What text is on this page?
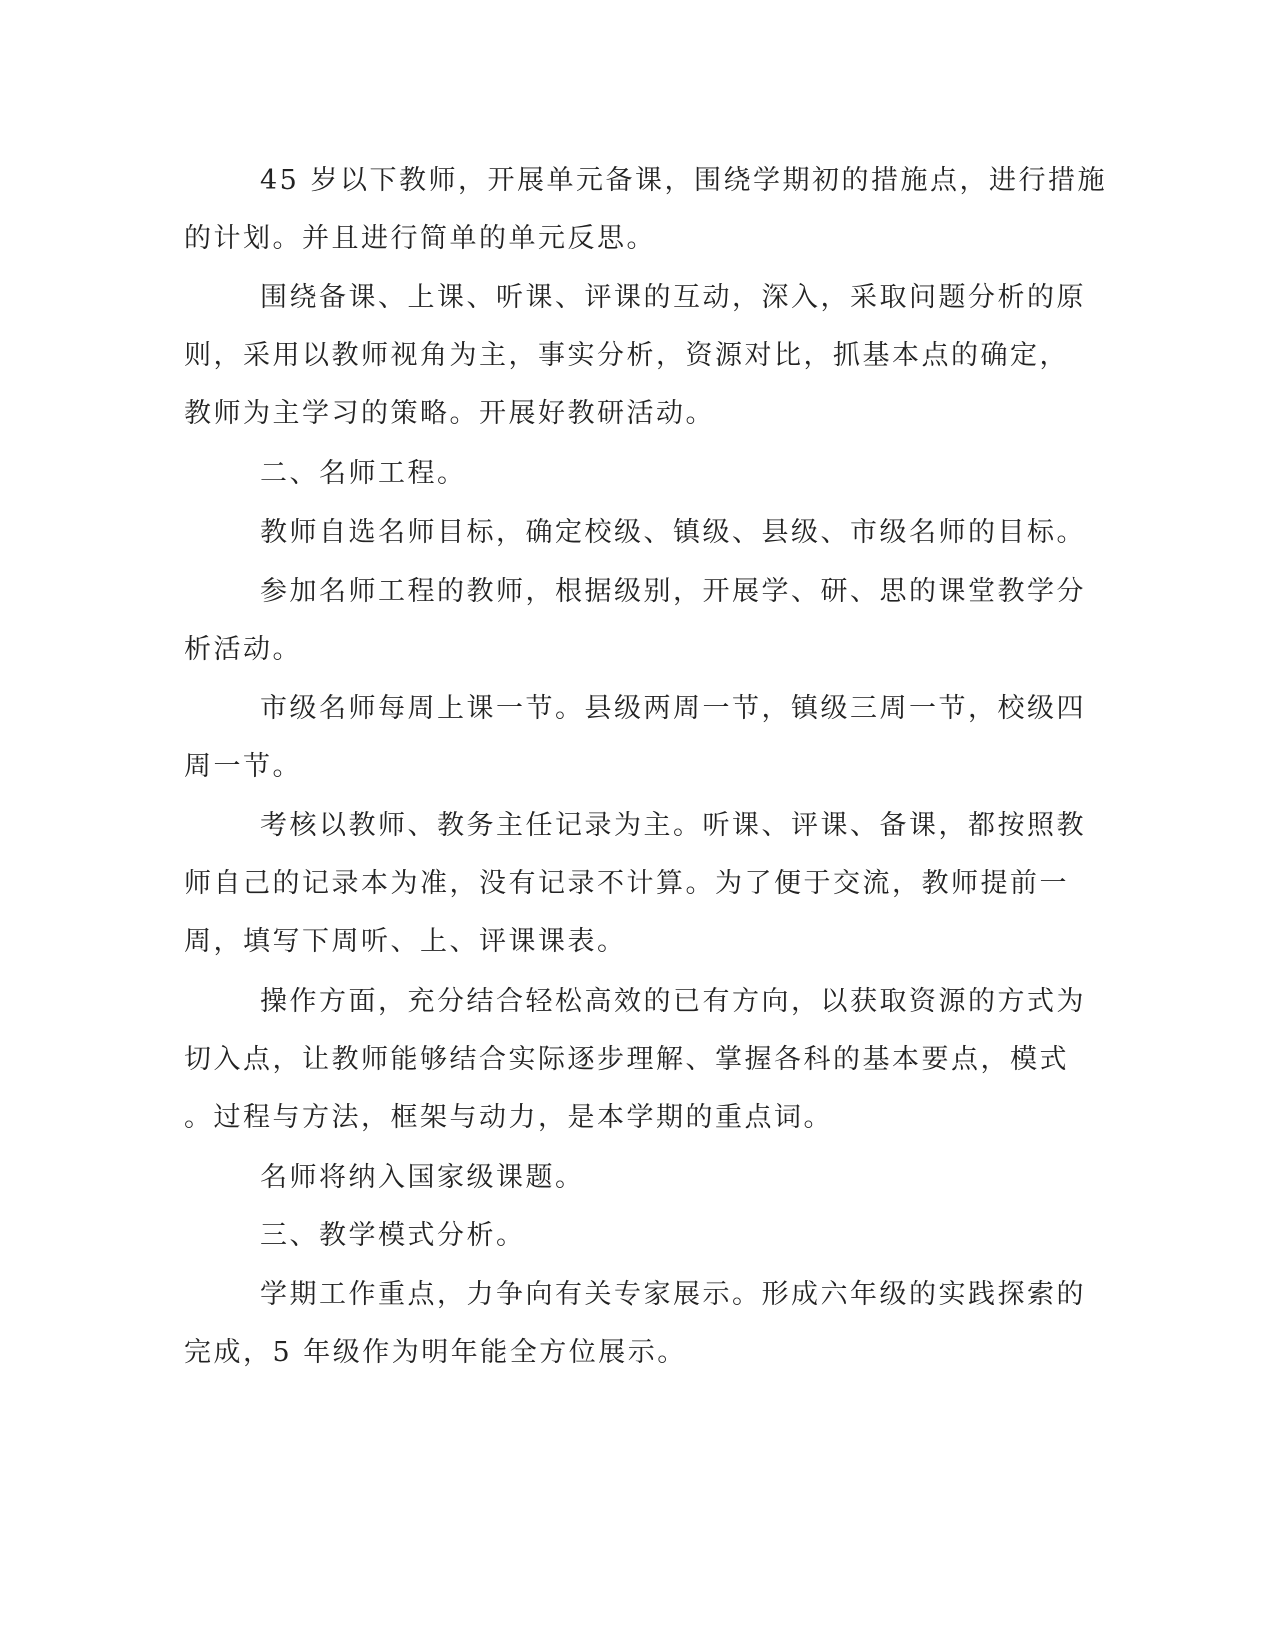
45 岁以下教师，开展单元备课，围绕学期初的措施点，进行措施
的计划。并且进行简单的单元反思。

围绕备课、上课、听课、评课的互动，深入，采取问题分析的原
则，采用以教师视角为主，事实分析，资源对比，抓基本点的确定，
教师为主学习的策略。开展好教研活动。

二、名师工程。

教师自选名师目标，确定校级、镇级、县级、市级名师的目标。

参加名师工程的教师，根据级别，开展学、研、思的课堂教学分
析活动。

市级名师每周上课一节。县级两周一节，镇级三周一节，校级四
周一节。

考核以教师、教务主任记录为主。听课、评课、备课，都按照教
师自己的记录本为准，没有记录不计算。为了便于交流，教师提前一
周，填写下周听、上、评课课表。

操作方面，充分结合轻松高效的已有方向，以获取资源的方式为
切入点，让教师能够结合实际逐步理解、掌握各科的基本要点，模式
。过程与方法，框架与动力，是本学期的重点词。

名师将纳入国家级课题。

三、教学模式分析。

学期工作重点，力争向有关专家展示。形成六年级的实践探索的
完成，5 年级作为明年能全方位展示。
